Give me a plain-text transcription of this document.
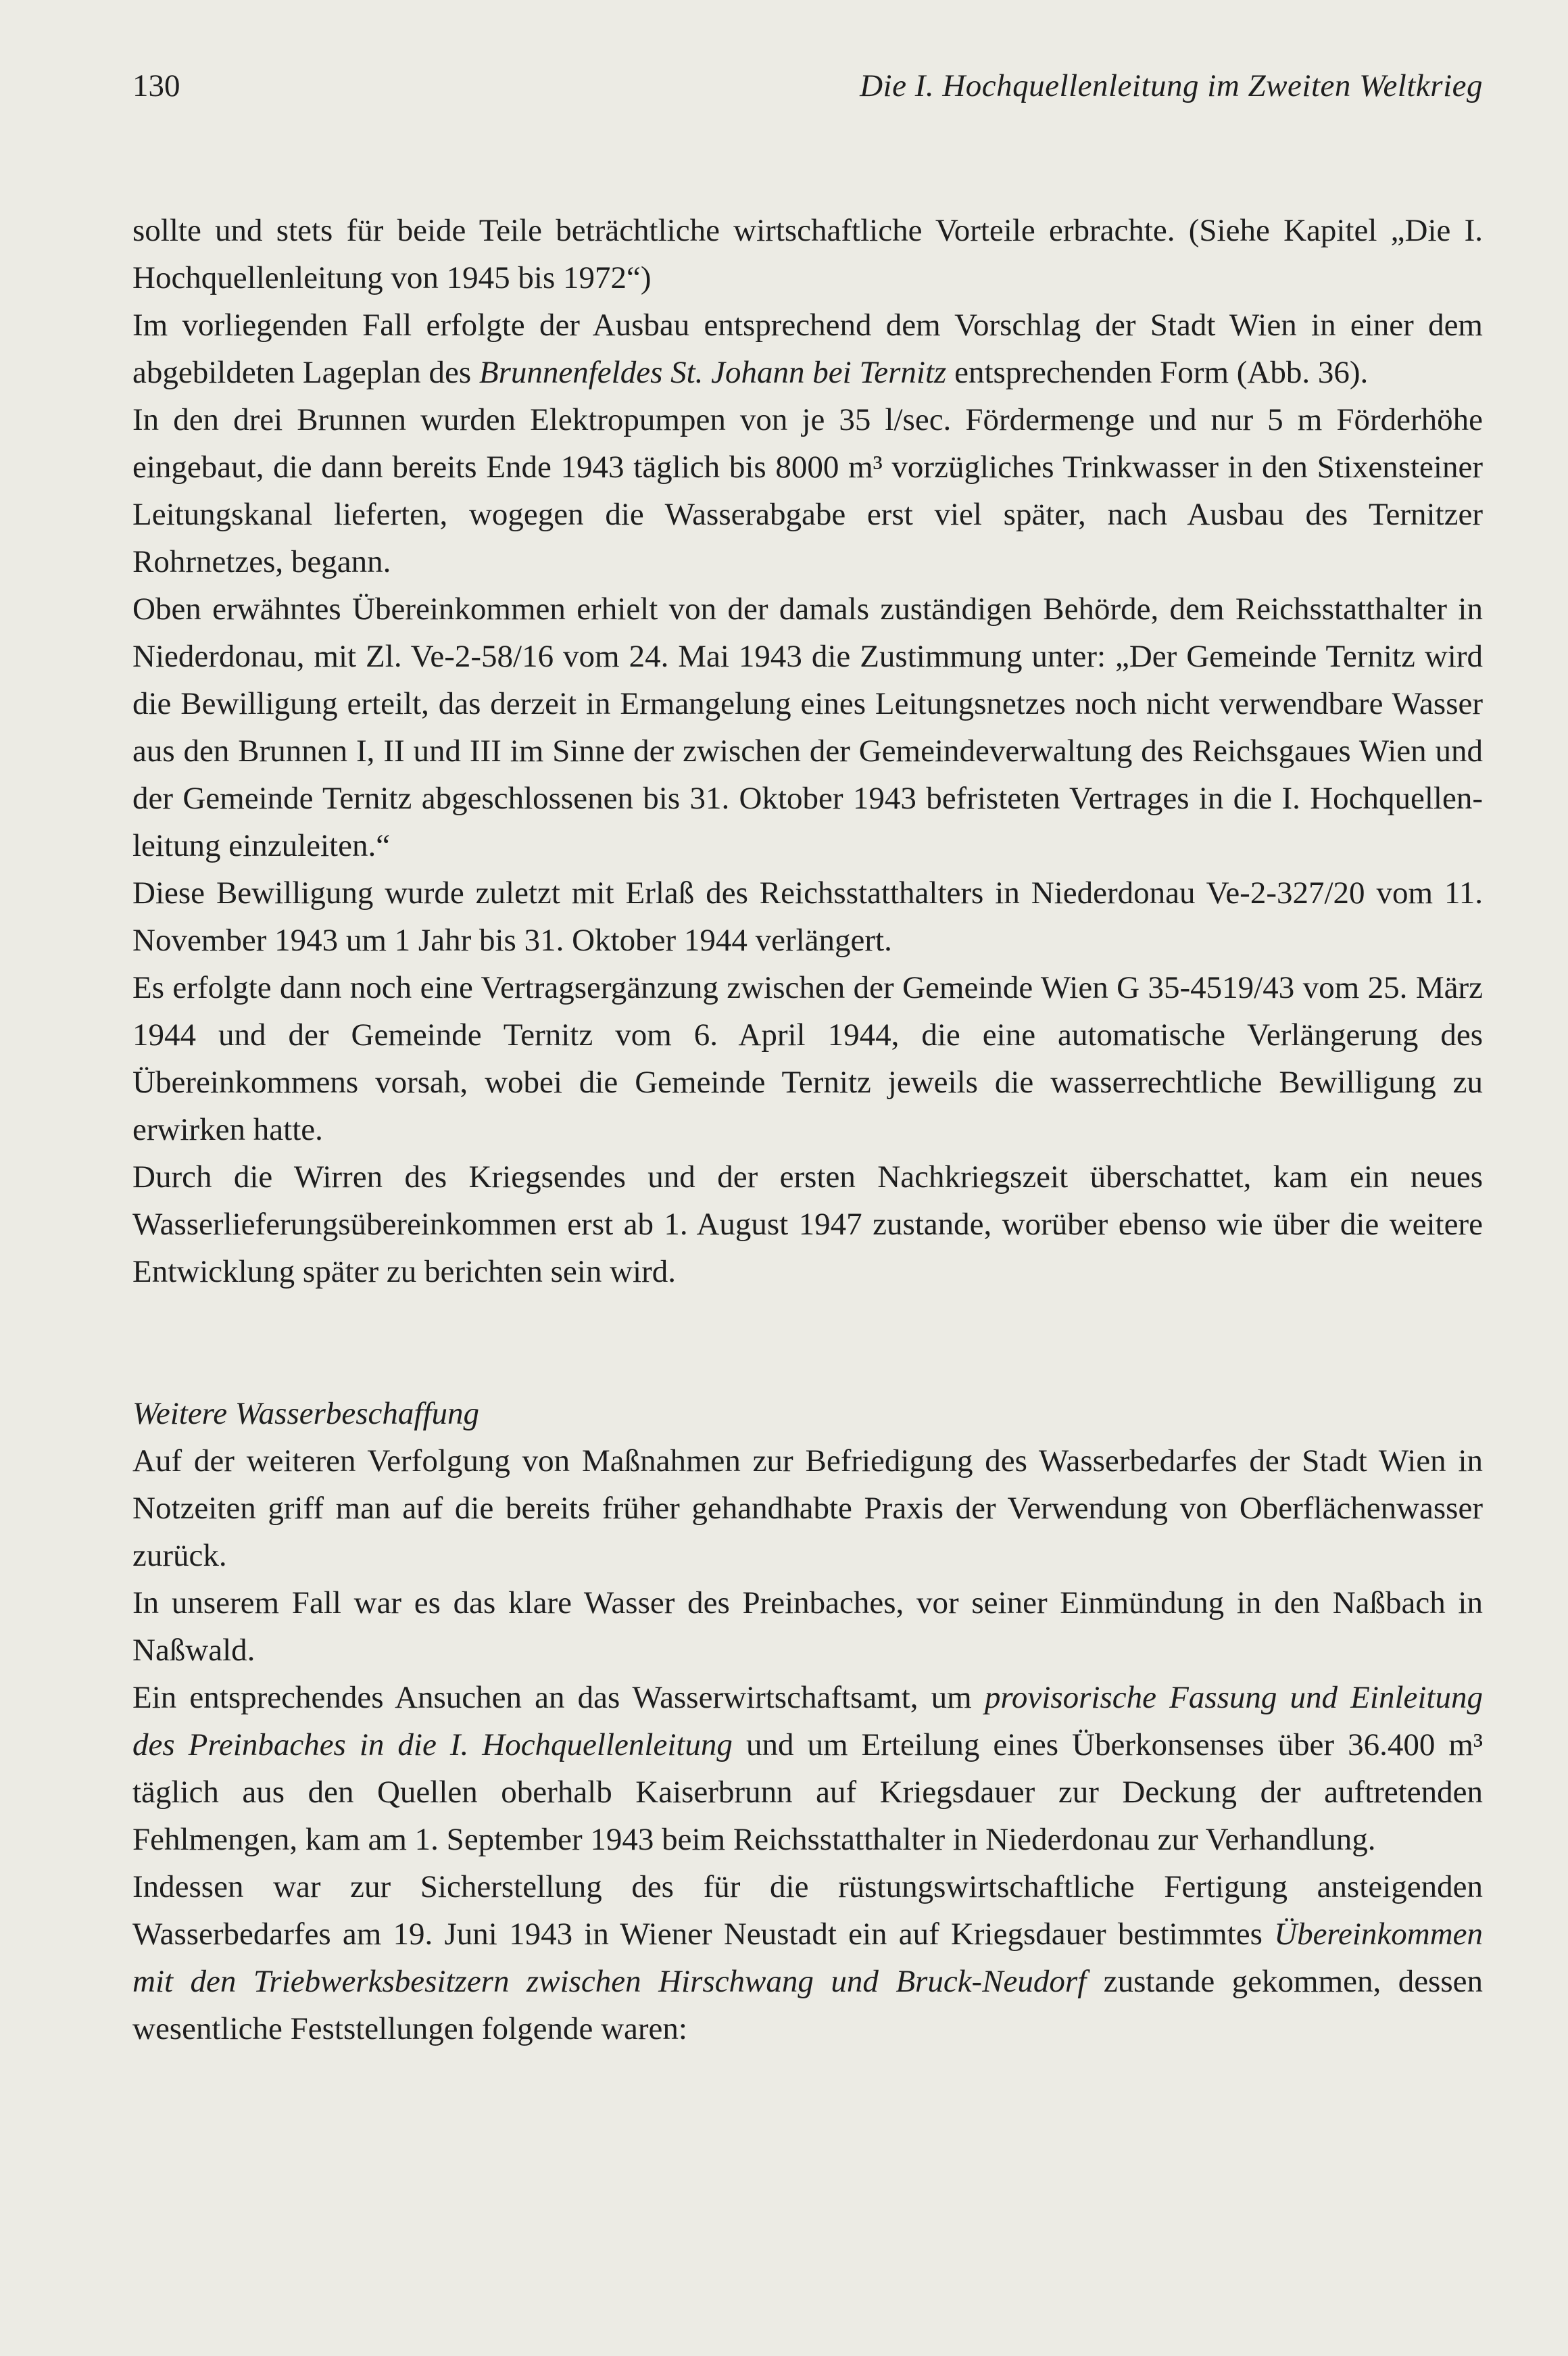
130	Die I. Hochquellenleitung im Zweiten Weltkrieg

sollte und stets für beide Teile beträchtliche wirtschaftliche Vorteile erbrachte. (Siehe Kapitel „Die I. Hochquellenleitung von 1945 bis 1972“)

Im vorliegenden Fall erfolgte der Ausbau entsprechend dem Vorschlag der Stadt Wien in einer dem abgebildeten Lageplan des Brunnenfeldes St. Johann bei Ternitz entsprechenden Form (Abb. 36).

In den drei Brunnen wurden Elektropumpen von je 35 l/sec. Fördermenge und nur 5 m Förderhöhe eingebaut, die dann bereits Ende 1943 täglich bis 8000 m³ vorzügliches Trinkwasser in den Stixensteiner Leitungskanal lieferten, wogegen die Wasserabgabe erst viel später, nach Ausbau des Ternitzer Rohrnetzes, begann.

Oben erwähntes Übereinkommen erhielt von der damals zuständigen Behörde, dem Reichsstatthalter in Niederdonau, mit Zl. Ve-2-58/16 vom 24. Mai 1943 die Zustimmung unter: „Der Gemeinde Ternitz wird die Bewilligung erteilt, das derzeit in Ermangelung eines Leitungsnetzes noch nicht verwendbare Wasser aus den Brunnen I, II und III im Sinne der zwischen der Gemeindeverwaltung des Reichsgaues Wien und der Gemeinde Ternitz abgeschlossenen bis 31. Oktober 1943 befristeten Vertrages in die I. Hochquellenleitung einzuleiten.“

Diese Bewilligung wurde zuletzt mit Erlaß des Reichsstatthalters in Niederdonau Ve-2-327/20 vom 11. November 1943 um 1 Jahr bis 31. Oktober 1944 verlängert.

Es erfolgte dann noch eine Vertragsergänzung zwischen der Gemeinde Wien G 35-4519/43 vom 25. März 1944 und der Gemeinde Ternitz vom 6. April 1944, die eine automatische Verlängerung des Übereinkommens vorsah, wobei die Gemeinde Ternitz jeweils die wasserrechtliche Bewilligung zu erwirken hatte.

Durch die Wirren des Kriegsendes und der ersten Nachkriegszeit überschattet, kam ein neues Wasserlieferungsübereinkommen erst ab 1. August 1947 zustande, worüber ebenso wie über die weitere Entwicklung später zu berichten sein wird.

Weitere Wasserbeschaffung

Auf der weiteren Verfolgung von Maßnahmen zur Befriedigung des Wasserbedarfes der Stadt Wien in Notzeiten griff man auf die bereits früher gehandhabte Praxis der Verwendung von Oberflächenwasser zurück.

In unserem Fall war es das klare Wasser des Preinbaches, vor seiner Einmündung in den Naßbach in Naßwald.

Ein entsprechendes Ansuchen an das Wasserwirtschaftsamt, um provisorische Fassung und Einleitung des Preinbaches in die I. Hochquellenleitung und um Erteilung eines Überkonsenses über 36.400 m³ täglich aus den Quellen oberhalb Kaiserbrunn auf Kriegsdauer zur Deckung der auftretenden Fehlmengen, kam am 1. September 1943 beim Reichsstatthalter in Niederdonau zur Verhandlung.

Indessen war zur Sicherstellung des für die rüstungswirtschaftliche Fertigung ansteigenden Wasserbedarfes am 19. Juni 1943 in Wiener Neustadt ein auf Kriegsdauer bestimmtes Übereinkommen mit den Triebwerksbesitzern zwischen Hirschwang und Bruck-Neudorf zustande gekommen, dessen wesentliche Feststellungen folgende waren:
